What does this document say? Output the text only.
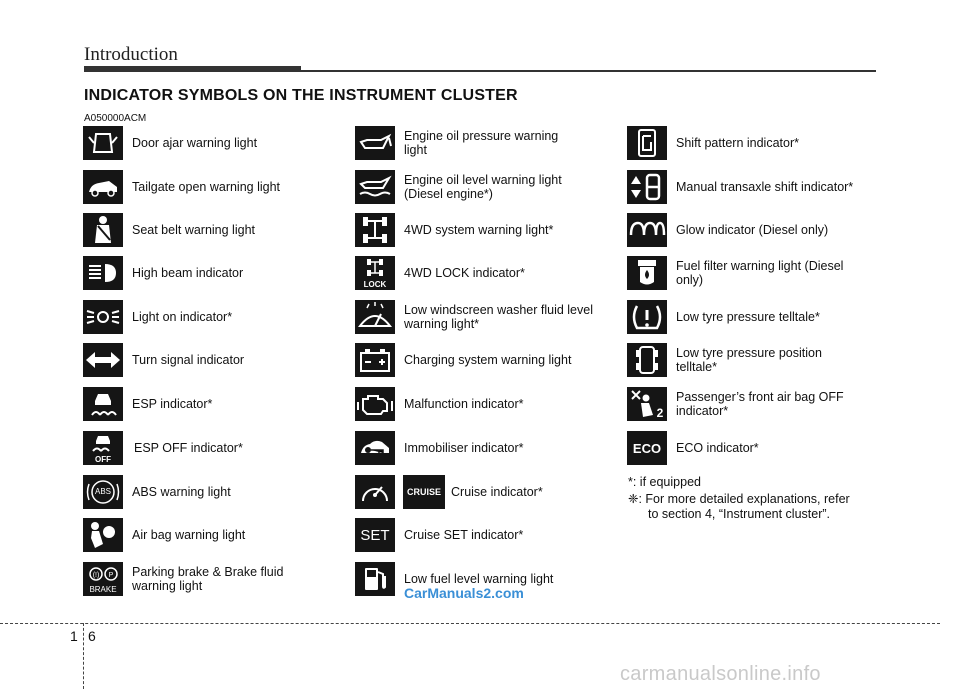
Introduction
INDICATOR SYMBOLS ON THE INSTRUMENT CLUSTER
A050000ACM
Door ajar warning light
Tailgate open warning light
Seat belt warning light
High beam indicator
Light on indicator*
Turn signal indicator
ESP indicator*
OFF
ESP OFF indicator*
ABS	ABS warning light
Air bag warning light
(!) P
BRAKE
Parking brake & Brake fluid warning light
Engine oil pressure warning light
Engine oil level warning light (Diesel engine*)
4WD system warning light*
LOCK
4WD LOCK indicator*
Low windscreen washer fluid level warning light*
Charging system warning light
Malfunction indicator*
Immobiliser indicator*
CRUISE Cruise indicator*
SET Cruise SET indicator*
Low fuel level warning light
Shift pattern indicator*
Manual transaxle shift indicator*
Glow indicator (Diesel only)
Fuel filter warning light (Diesel only)
Low tyre pressure telltale*
Low tyre pressure position telltale*
2
Passenger’s front air bag OFF indicator*
ECO ECO indicator*
*: if equipped
❈: For more detailed explanations, refer
to section 4, “Instrument cluster”.
CarManuals2.com
1 6
carmanualsonline.info
